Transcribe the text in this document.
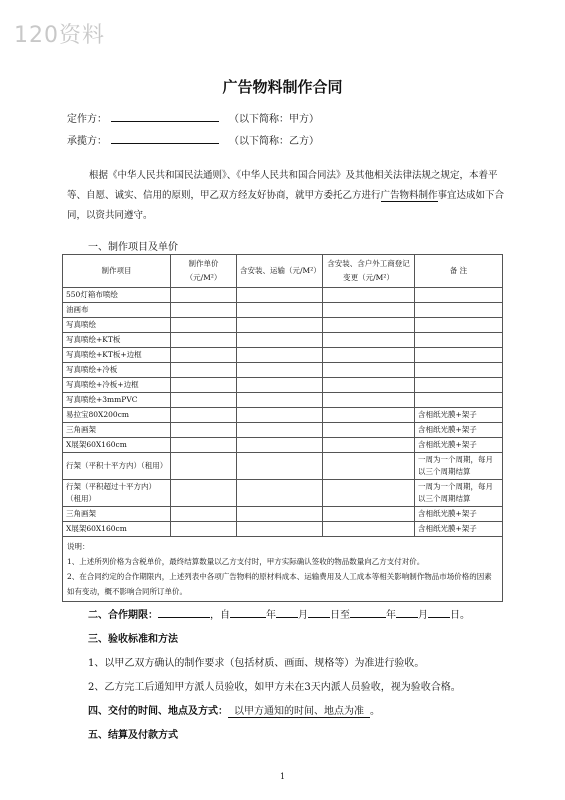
120资料
广告物料制作合同
定作方：	（以下简称：甲方）
承揽方：	（以下简称：乙方）
根据《中华人民共和国民法通则》、《中华人民共和国合同法》及其他相关法律法规之规定，本着平等、自愿、诚实、信用的原则，甲乙双方经友好协商，就甲方委托乙方进行广告物料制作事宜达成如下合同，以资共同遵守。
一、制作项目及单价
制作项目	制作单价（元/M²）	含安装、运输（元/M²）	含安装、含户外工商登记变更（元/M²）	备 注
550灯箱布喷绘				
油画布				
写真喷绘				
写真喷绘+KT板				
写真喷绘+KT板+边框				
写真喷绘+冷板				
写真喷绘+冷板+边框				
写真喷绘+3mmPVC				
易拉宝80X200cm				含相纸光膜+架子
三角画架				含相纸光膜+架子
X展架60X160cm				含相纸光膜+架子
行架（平积十平方内）（租用）				一周为一个周期，每月以三个周期结算
行架（平积超过十平方内）（租用）				一周为一个周期，每月以三个周期结算
三角画架				含相纸光膜+架子
X展架60X160cm				含相纸光膜+架子

说明：
1、上述所列价格为含税单价，最终结算数量以乙方支付时，甲方实际确认签收的物品数量向乙方支付对价。
2、在合同约定的合作期限内，上述列表中各项广告物料的原材料成本、运输费用及人工成本等相关影响制作物品市场价格的因素如有变动，概不影响合同所订单价。				
二、合作期限：	，自	年 月 日至	年 月 日。
三、验收标准和方法
1、以甲乙双方确认的制作要求（包括材质、画面、规格等）为准进行验收。
2、乙方完工后通知甲方派人员验收，如甲方未在3天内派人员验收，视为验收合格。
四、交付的时间、地点及方式： 以甲方通知的时间、地点为准 。
五、结算及付款方式
1
